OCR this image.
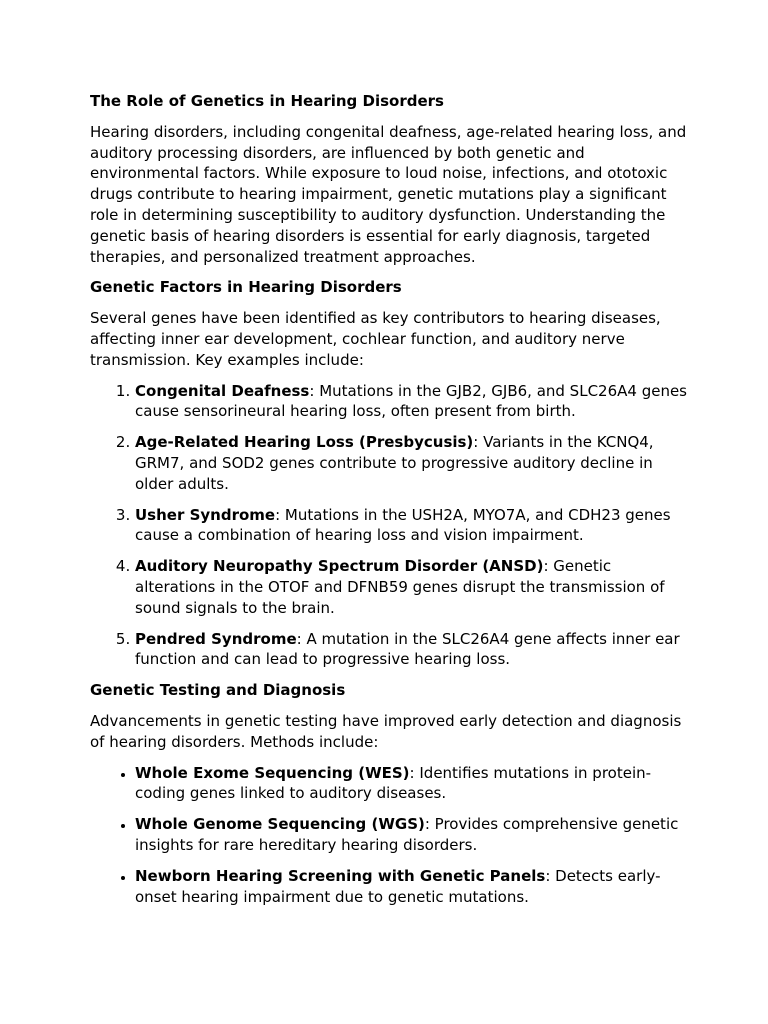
The Role of Genetics in Hearing Disorders

Hearing disorders, including congenital deafness, age-related hearing loss, and auditory processing disorders, are influenced by both genetic and environmental factors. While exposure to loud noise, infections, and ototoxic drugs contribute to hearing impairment, genetic mutations play a significant role in determining susceptibility to auditory dysfunction. Understanding the genetic basis of hearing disorders is essential for early diagnosis, targeted therapies, and personalized treatment approaches.

Genetic Factors in Hearing Disorders

Several genes have been identified as key contributors to hearing diseases, affecting inner ear development, cochlear function, and auditory nerve transmission. Key examples include:

1. Congenital Deafness: Mutations in the GJB2, GJB6, and SLC26A4 genes cause sensorineural hearing loss, often present from birth.
2. Age-Related Hearing Loss (Presbycusis): Variants in the KCNQ4, GRM7, and SOD2 genes contribute to progressive auditory decline in older adults.
3. Usher Syndrome: Mutations in the USH2A, MYO7A, and CDH23 genes cause a combination of hearing loss and vision impairment.
4. Auditory Neuropathy Spectrum Disorder (ANSD): Genetic alterations in the OTOF and DFNB59 genes disrupt the transmission of sound signals to the brain.
5. Pendred Syndrome: A mutation in the SLC26A4 gene affects inner ear function and can lead to progressive hearing loss.
Genetic Testing and Diagnosis

Advancements in genetic testing have improved early detection and diagnosis of hearing disorders. Methods include:

• Whole Exome Sequencing (WES): Identifies mutations in protein-coding genes linked to auditory diseases.
• Whole Genome Sequencing (WGS): Provides comprehensive genetic insights for rare hereditary hearing disorders.
• Newborn Hearing Screening with Genetic Panels: Detects early-onset hearing impairment due to genetic mutations.
